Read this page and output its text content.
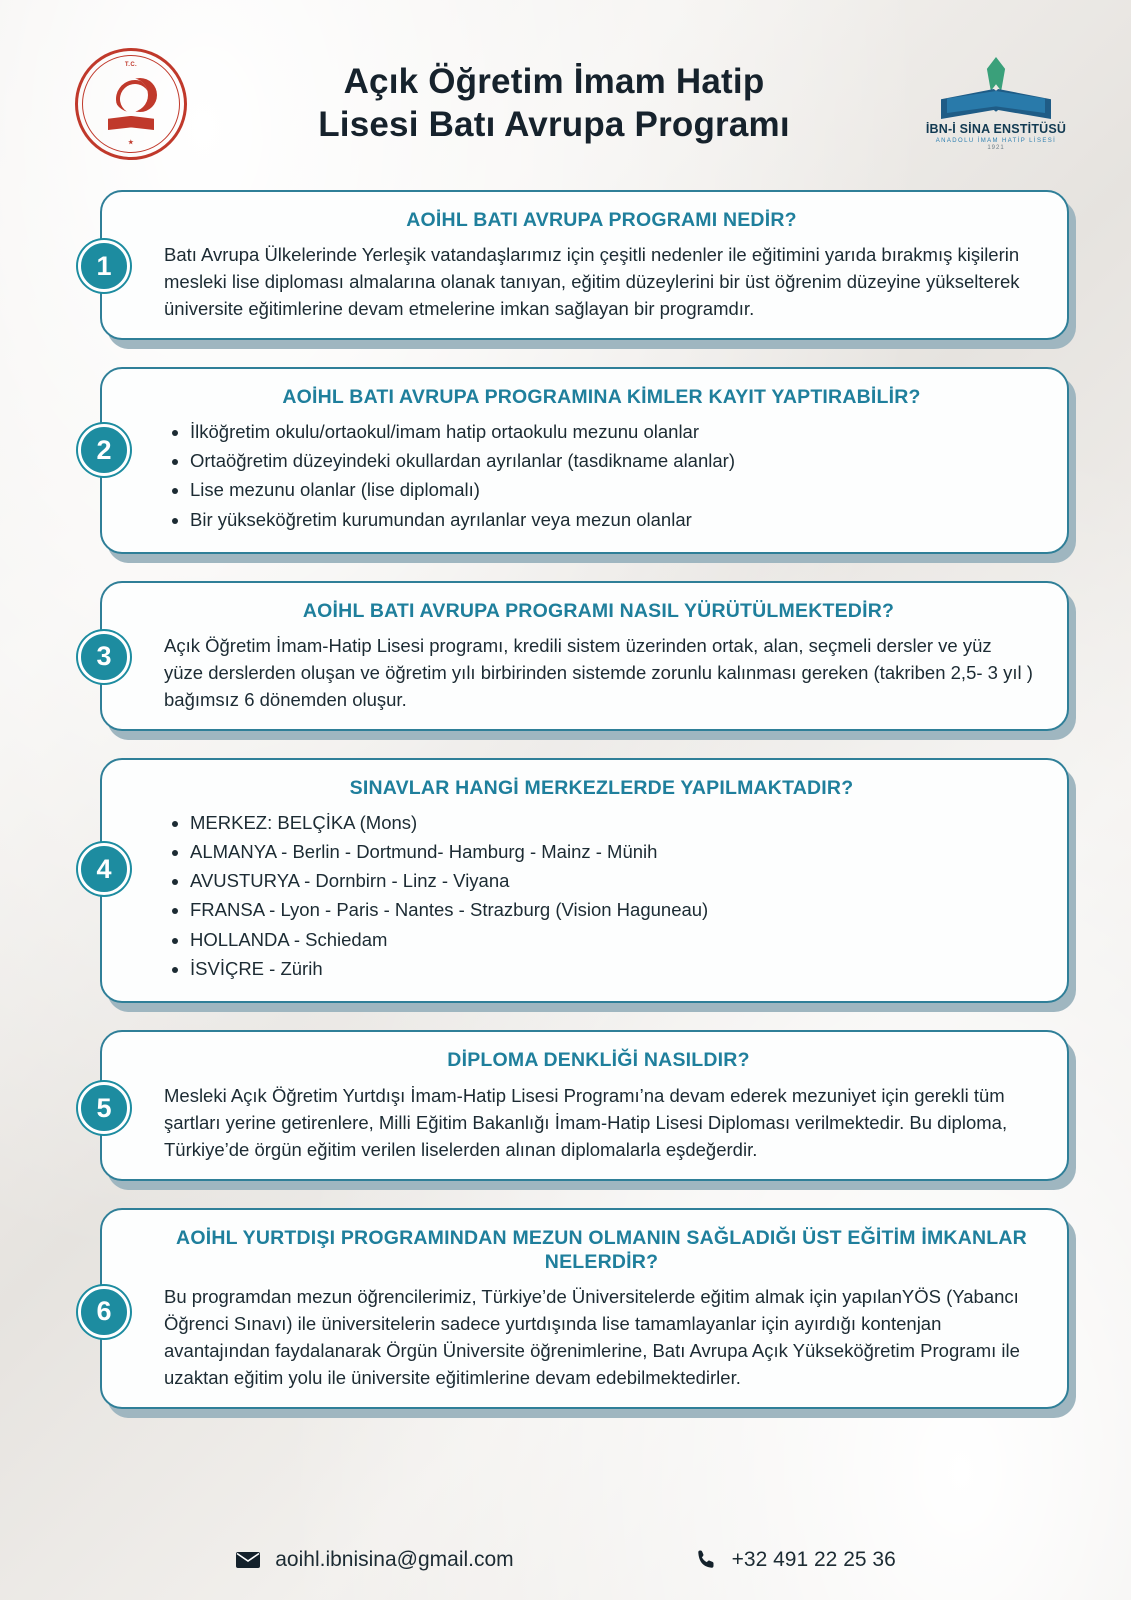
T.C.
★
Açık Öğretim İmam Hatip
Lisesi Batı Avrupa Programı	İBN-İ SİNA ENSTİTÜSÜ
ANADOLU İMAM HATİP LİSESİ
1921
1
AOİHL BATI AVRUPA PROGRAMI NEDİR?

Batı Avrupa Ülkelerinde Yerleşik vatandaşlarımız için çeşitli nedenler ile eğitimini yarıda bırakmış kişilerin mesleki lise diploması almalarına olanak tanıyan, eğitim düzeylerini bir üst öğrenim düzeyine yükselterek üniversite eğitimlerine devam etmelerine imkan sağlayan bir programdır.

2
AOİHL BATI AVRUPA PROGRAMINA KİMLER KAYIT YAPTIRABİLİR?
• İlköğretim okulu/ortaokul/imam hatip ortaokulu mezunu olanlar
• Ortaöğretim düzeyindeki okullardan ayrılanlar (tasdikname alanlar)
• Lise mezunu olanlar (lise diplomalı)
• Bir yükseköğretim kurumundan ayrılanlar veya mezun olanlar
3
AOİHL BATI AVRUPA PROGRAMI NASIL YÜRÜTÜLMEKTEDİR?

Açık Öğretim İmam-Hatip Lisesi programı, kredili sistem üzerinden ortak, alan, seçmeli dersler ve yüz yüze derslerden oluşan ve öğretim yılı birbirinden sistemde zorunlu kalınması gereken (takriben 2,5- 3 yıl ) bağımsız 6 dönemden oluşur.

4
SINAVLAR HANGİ MERKEZLERDE YAPILMAKTADIR?
• MERKEZ: BELÇİKA (Mons)
• ALMANYA - Berlin - Dortmund- Hamburg - Mainz - Münih
• AVUSTURYA - Dornbirn - Linz - Viyana
• FRANSA - Lyon - Paris - Nantes - Strazburg (Vision Haguneau)
• HOLLANDA - Schiedam
• İSVİÇRE - Zürih
5
DİPLOMA DENKLİĞİ NASILDIR?

Mesleki Açık Öğretim Yurtdışı İmam-Hatip Lisesi Programı’na devam ederek mezuniyet için gerekli tüm şartları yerine getirenlere, Milli Eğitim Bakanlığı İmam-Hatip Lisesi Diploması verilmektedir. Bu diploma, Türkiye’de örgün eğitim verilen liselerden alınan diplomalarla eşdeğerdir.

6
AOİHL YURTDIŞI PROGRAMINDAN MEZUN OLMANIN SAĞLADIĞI ÜST EĞİTİM İMKANLAR NELERDİR?

Bu programdan mezun öğrencilerimiz, Türkiye’de Üniversitelerde eğitim almak için yapılanYÖS (Yabancı Öğrenci Sınavı) ile üniversitelerin sadece yurtdışında lise tamamlayanlar için ayırdığı kontenjan avantajından faydalanarak Örgün Üniversite öğrenimlerine, Batı Avrupa Açık Yükseköğretim Programı ile uzaktan eğitim yolu ile üniversite eğitimlerine devam edebilmektedirler.

aoihl.ibnisina@gmail.com	+32 491 22 25 36
